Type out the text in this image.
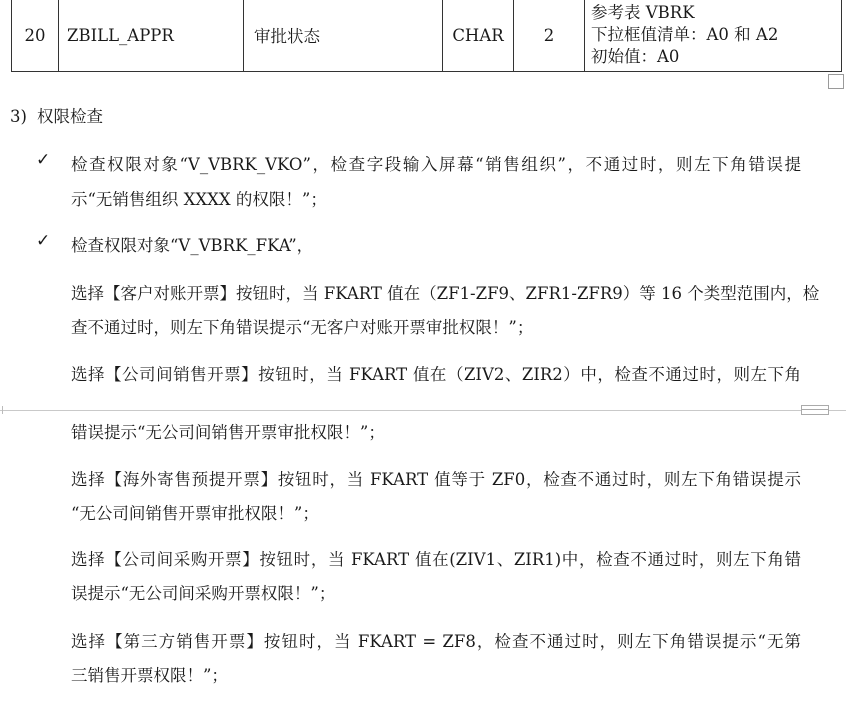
20	ZBILL_APPR	审批状态	CHAR	2	
参考表 VBRK
下拉框值清单：A0 和 A2
初始值：A0
3) 权限检查
✓ 检查权限对象“V_VBRK_VKO”，检查字段输入屏幕“销售组织”，不通过时，则左下角错误提
示“无销售组织 XXXX 的权限！”；
✓ 检查权限对象“V_VBRK_FKA”，
选择【客户对账开票】按钮时，当 FKART 值在（ZF1-ZF9、ZFR1-ZFR9）等 16 个类型范围内，检
查不通过时，则左下角错误提示“无客户对账开票审批权限！”；
选择【公司间销售开票】按钮时，当 FKART 值在（ZIV2、ZIR2）中，检查不通过时，则左下角
错误提示“无公司间销售开票审批权限！”；
选择【海外寄售预提开票】按钮时，当 FKART 值等于 ZF0，检查不通过时，则左下角错误提示
“无公司间销售开票审批权限！”；
选择【公司间采购开票】按钮时，当 FKART 值在(ZIV1、ZIR1)中，检查不通过时，则左下角错
误提示“无公司间采购开票权限！”；
选择【第三方销售开票】按钮时，当 FKART = ZF8，检查不通过时，则左下角错误提示“无第
三销售开票权限！”；
